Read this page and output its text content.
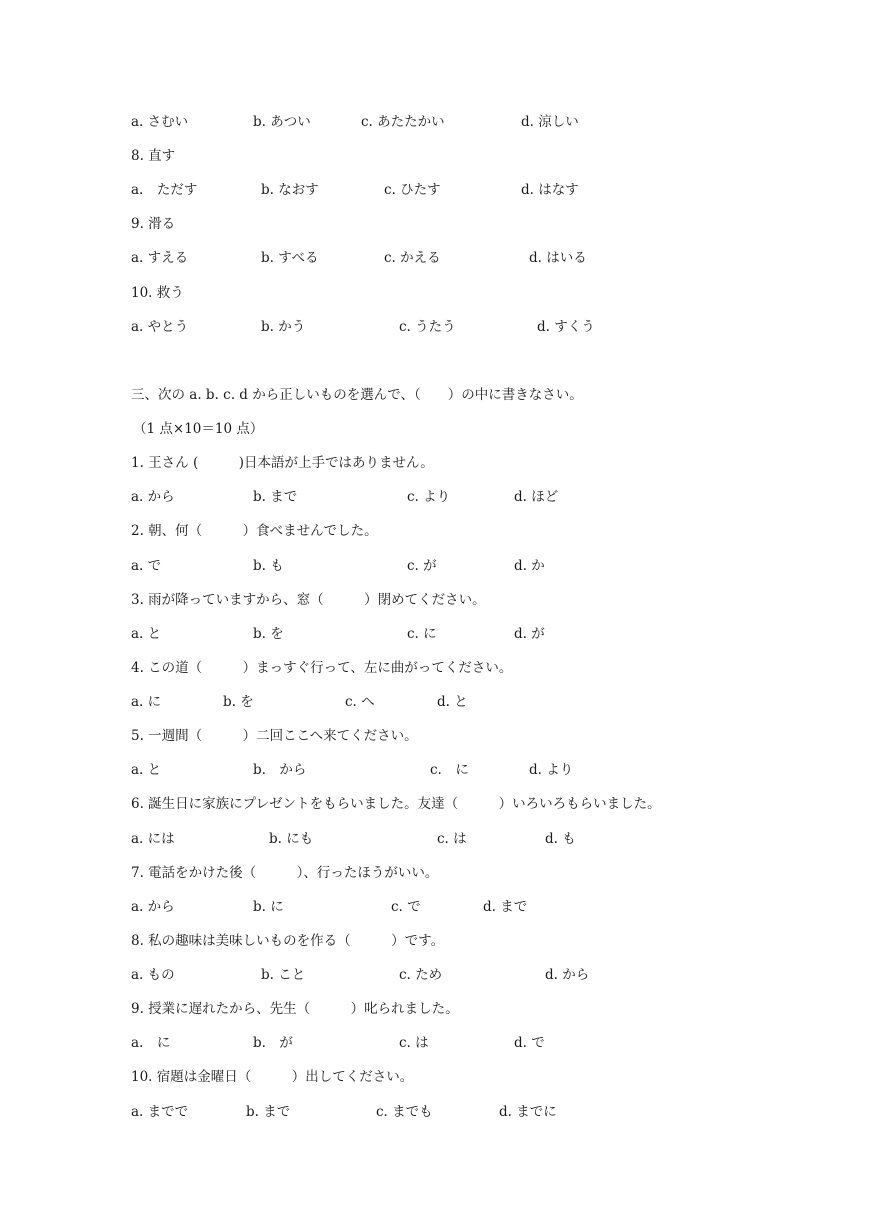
a. さむい	b. あつい	c. あたたかい	d. 涼しい
8. 直す
a.　ただす	b. なおす	c. ひたす	d. はなす
9. 滑る
a. すえる	b. すべる	c. かえる	d. はいる
10. 救う
a. やとう	b. かう	c. うたう	d. すくう
三、次の a. b. c. d から正しいものを選んで、（　　）の中に書きなさい。
（1 点×10＝10 点）
1. 王さん (　　　)日本語が上手ではありません。
a. から	b. まで	c. より	d. ほど
2. 朝、何（　　　）食べませんでした。
a. で	b. も	c. が	d. か
3. 雨が降っていますから、窓（　　　）閉めてください。
a. と	b. を	c. に	d. が
4. この道（　　　）まっすぐ行って、左に曲がってください。
a. に	b. を	c. へ	d. と
5. 一週間（　　　）二回ここへ来てください。
a. と	b.　から	c.　に	d. より
6. 誕生日に家族にプレゼントをもらいました。友達（　　　）いろいろもらいました。
a. には	b. にも	c. は	d. も
7. 電話をかけた後（　　　）、行ったほうがいい。
a. から	b. に	c. で	d. まで
8. 私の趣味は美味しいものを作る（　　　）です。
a. もの	b. こと	c. ため	d. から
9. 授業に遅れたから、先生（　　　）叱られました。
a.　に	b.　が	c. は	d. で
10. 宿題は金曜日（　　　）出してください。
a. までで	b. まで	c. までも	d. までに
